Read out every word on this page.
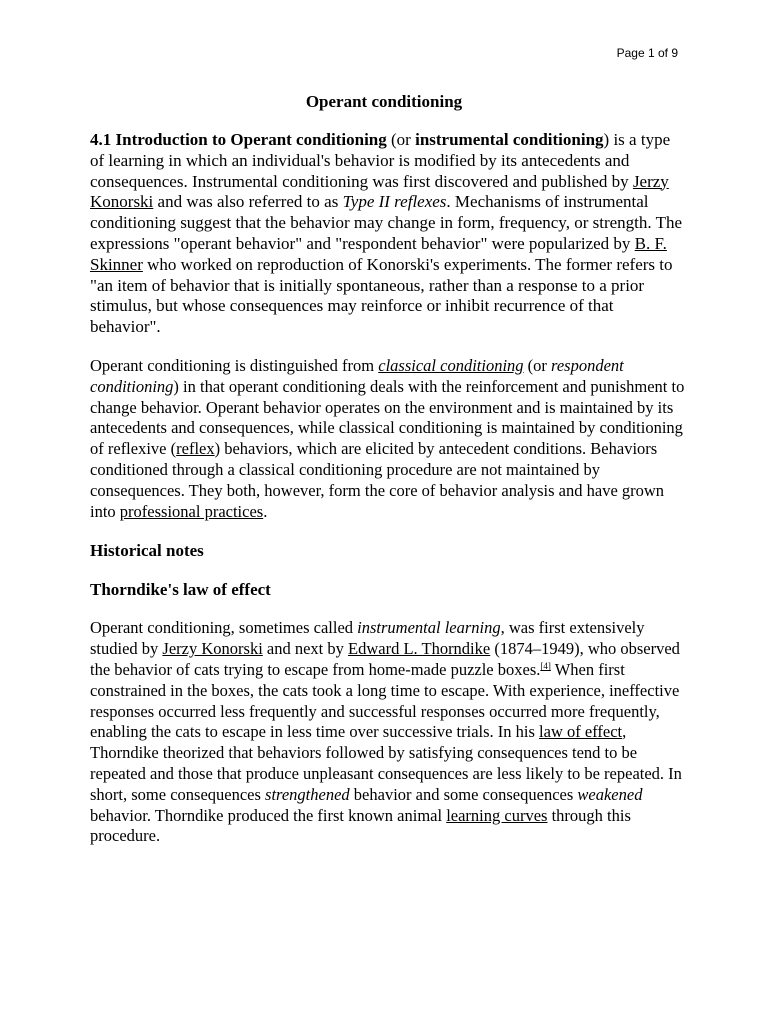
Page 1 of 9
Operant conditioning

4.1 Introduction to Operant conditioning (or instrumental conditioning) is a type of learning in which an individual's behavior is modified by its antecedents and consequences. Instrumental conditioning was first discovered and published by Jerzy Konorski and was also referred to as Type II reflexes. Mechanisms of instrumental conditioning suggest that the behavior may change in form, frequency, or strength. The expressions "operant behavior" and "respondent behavior" were popularized by B. F. Skinner who worked on reproduction of Konorski's experiments. The former refers to "an item of behavior that is initially spontaneous, rather than a response to a prior stimulus, but whose consequences may reinforce or inhibit recurrence of that behavior".

Operant conditioning is distinguished from classical conditioning (or respondent conditioning) in that operant conditioning deals with the reinforcement and punishment to change behavior. Operant behavior operates on the environment and is maintained by its antecedents and consequences, while classical conditioning is maintained by conditioning of reflexive (reflex) behaviors, which are elicited by antecedent conditions. Behaviors conditioned through a classical conditioning procedure are not maintained by consequences. They both, however, form the core of behavior analysis and have grown into professional practices.

Historical notes
Thorndike's law of effect

Operant conditioning, sometimes called instrumental learning, was first extensively studied by Jerzy Konorski and next by Edward L. Thorndike (1874–1949), who observed the behavior of cats trying to escape from home-made puzzle boxes.[4] When first constrained in the boxes, the cats took a long time to escape. With experience, ineffective responses occurred less frequently and successful responses occurred more frequently, enabling the cats to escape in less time over successive trials. In his law of effect, Thorndike theorized that behaviors followed by satisfying consequences tend to be repeated and those that produce unpleasant consequences are less likely to be repeated. In short, some consequences strengthened behavior and some consequences weakened behavior. Thorndike produced the first known animal learning curves through this procedure.
